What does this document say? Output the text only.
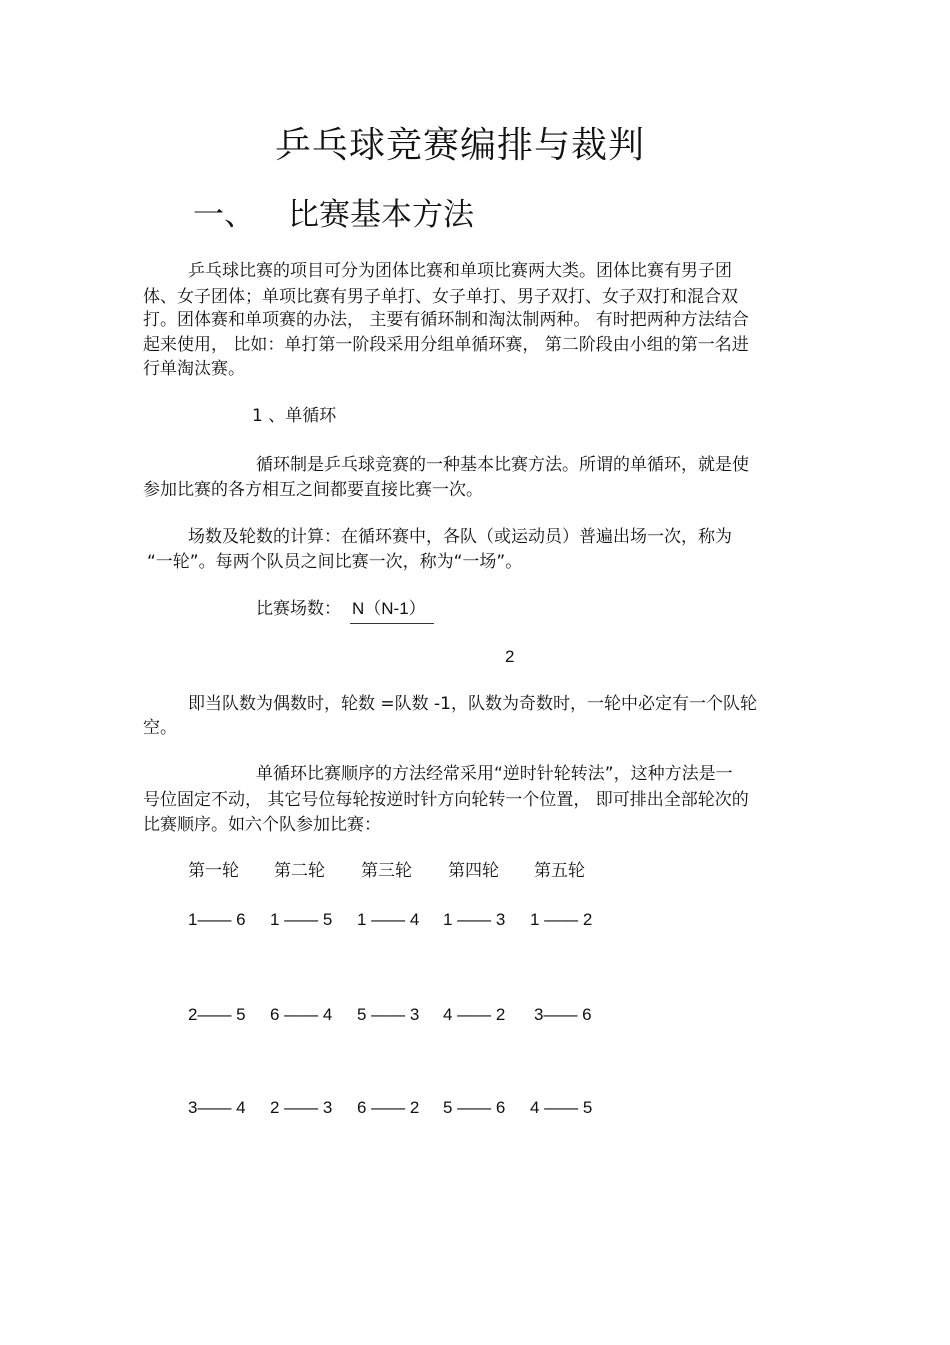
乒乓球竞赛编排与裁判
一、 比赛基本方法
乒乓球比赛的项目可分为团体比赛和单项比赛两大类。团体比赛有男子团
体、女子团体；单项比赛有男子单打、女子单打、男子双打、女子双打和混合双
打。团体赛和单项赛的办法， 主要有循环制和淘汰制两种。 有时把两种方法结合
起来使用， 比如：单打第一阶段采用分组单循环赛， 第二阶段由小组的第一名进
行单淘汰赛。
1 、单循环
循环制是乒乓球竞赛的一种基本比赛方法。所谓的单循环，就是使
参加比赛的各方相互之间都要直接比赛一次。
场数及轮数的计算：在循环赛中，各队（或运动员）普遍出场一次，称为
“一轮”。每两个队员之间比赛一次，称为“一场”。
比赛场数： N（N-1）
2
即当队数为偶数时，轮数 =队数 -1，队数为奇数时，一轮中必定有一个队轮
空。
单循环比赛顺序的方法经常采用“逆时针轮转法”，这种方法是一
号位固定不动， 其它号位每轮按逆时针方向轮转一个位置， 即可排出全部轮次的
比赛顺序。如六个队参加比赛：
第一轮 第二轮 第三轮 第四轮 第五轮
1—— 6 1 —— 5 1 —— 4 1 —— 3 1 —— 2
2—— 5 6 —— 4 5 —— 3 4 —— 2 3—— 6
3—— 4 2 —— 3 6 —— 2 5 —— 6 4 —— 5
